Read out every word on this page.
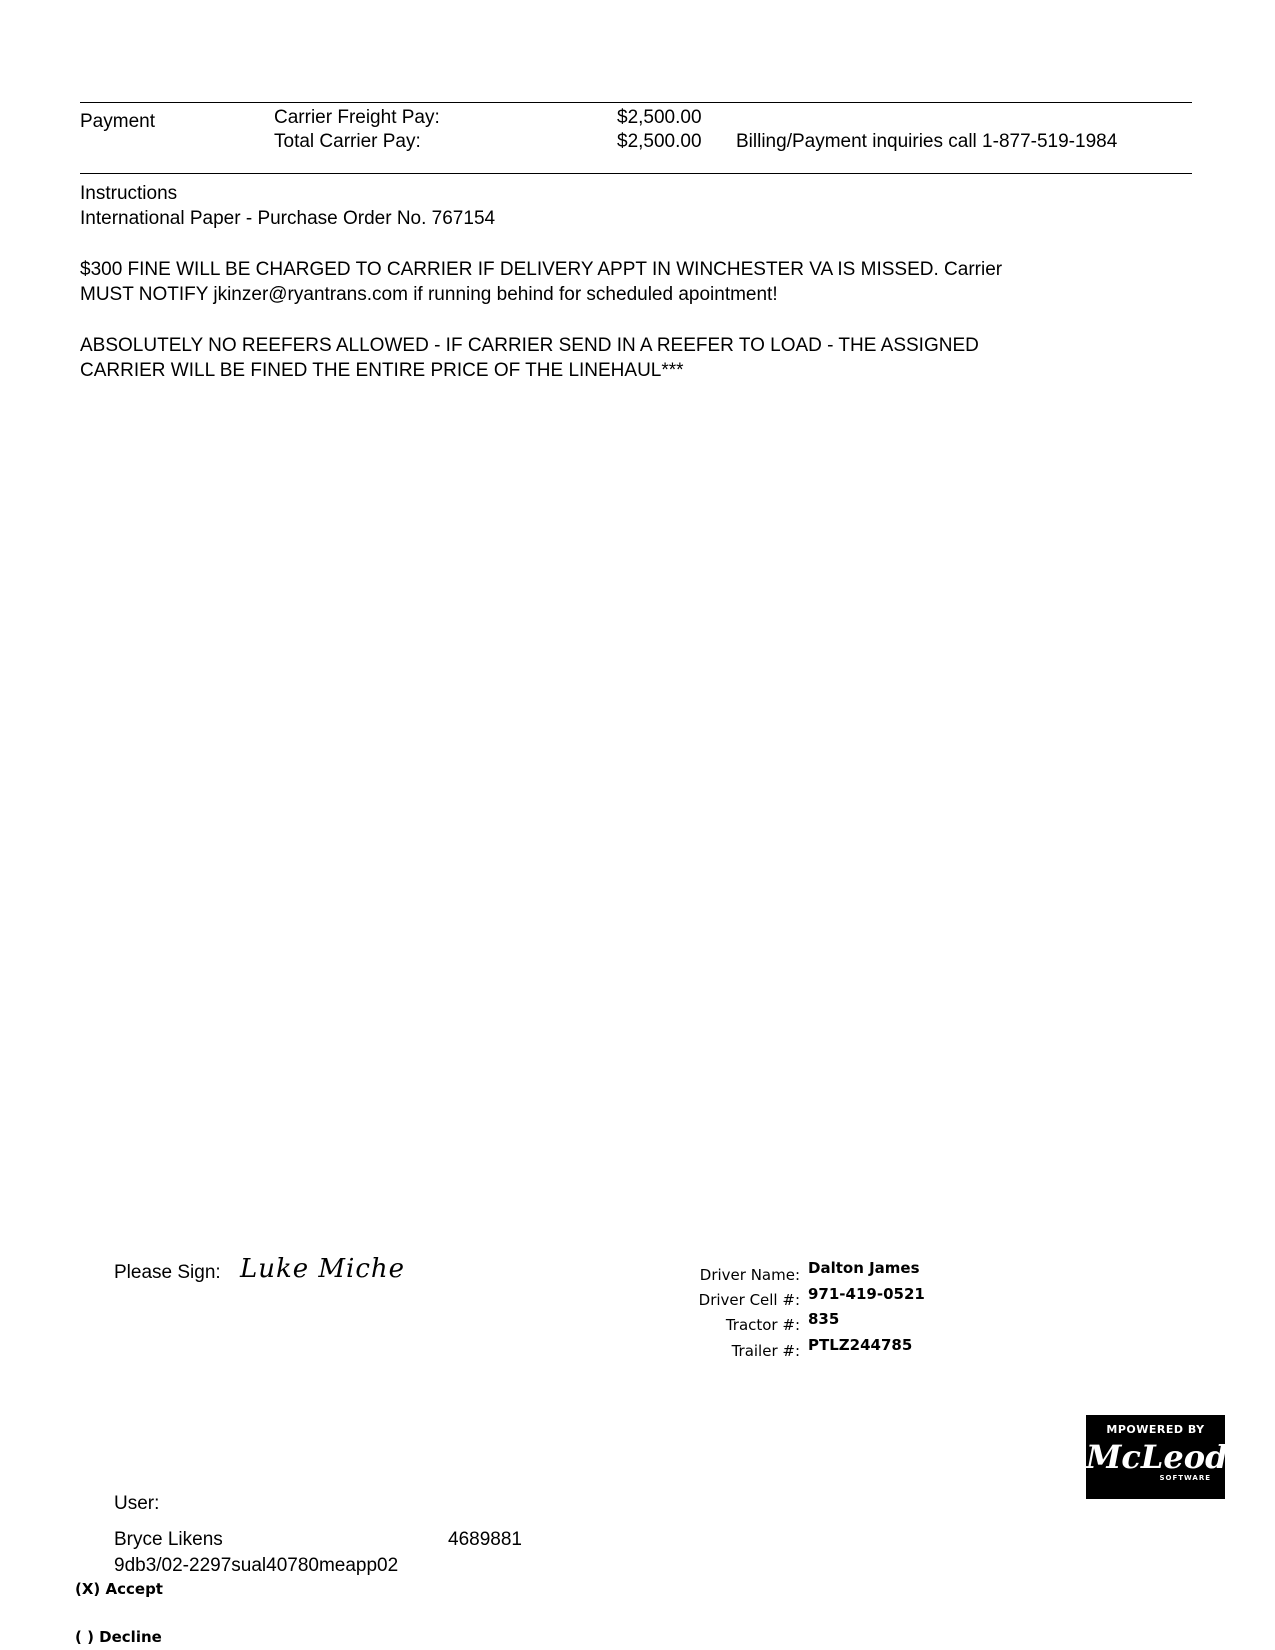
Payment	Carrier Freight Pay:	$2,500.00
Total Carrier Pay:	$2,500.00 Billing/Payment inquiries call 1-877-519-1984

Instructions

International Paper - Purchase Order No. 767154

$300 FINE WILL BE CHARGED TO CARRIER IF DELIVERY APPT IN WINCHESTER VA IS MISSED. Carrier

MUST NOTIFY jkinzer@ryantrans.com if running behind for scheduled apointment!

ABSOLUTELY NO REEFERS ALLOWED - IF CARRIER SEND IN A REEFER TO LOAD - THE ASSIGNED

CARRIER WILL BE FINED THE ENTIRE PRICE OF THE LINEHAUL***

Please Sign: Luke Miche	Driver Name: Dalton James
Driver Cell #: 971-419-0521
Tractor #: 835
Trailer #: PTLZ244785
MPOWERED BY
McLeod
SOFTWARE
User:
Bryce Likens	4689881
9db3/02-2297sual40780meapp02
(X) Accept
( ) Decline
